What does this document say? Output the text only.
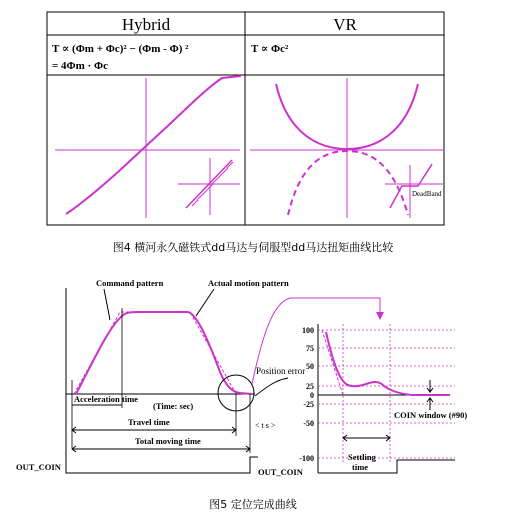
Hybrid	VR
T ∝ (Φm + Φc)² − (Φm - Φ) ²
= 4Φm · Φc
T ∝ Φc²
DeadBand
图4 横河永久磁铁式dd马达与伺服型dd马达扭矩曲线比较
Command pattern	Actual motion pattern
< t s >
Acceleration time
(Time: sec)
Travel time
Total moving time
OUT_COIN
100
75
50
25
0
-25
-50
-100
Position error
COIN window (#90)
Settling
time
OUT_COIN
图5 定位完成曲线
